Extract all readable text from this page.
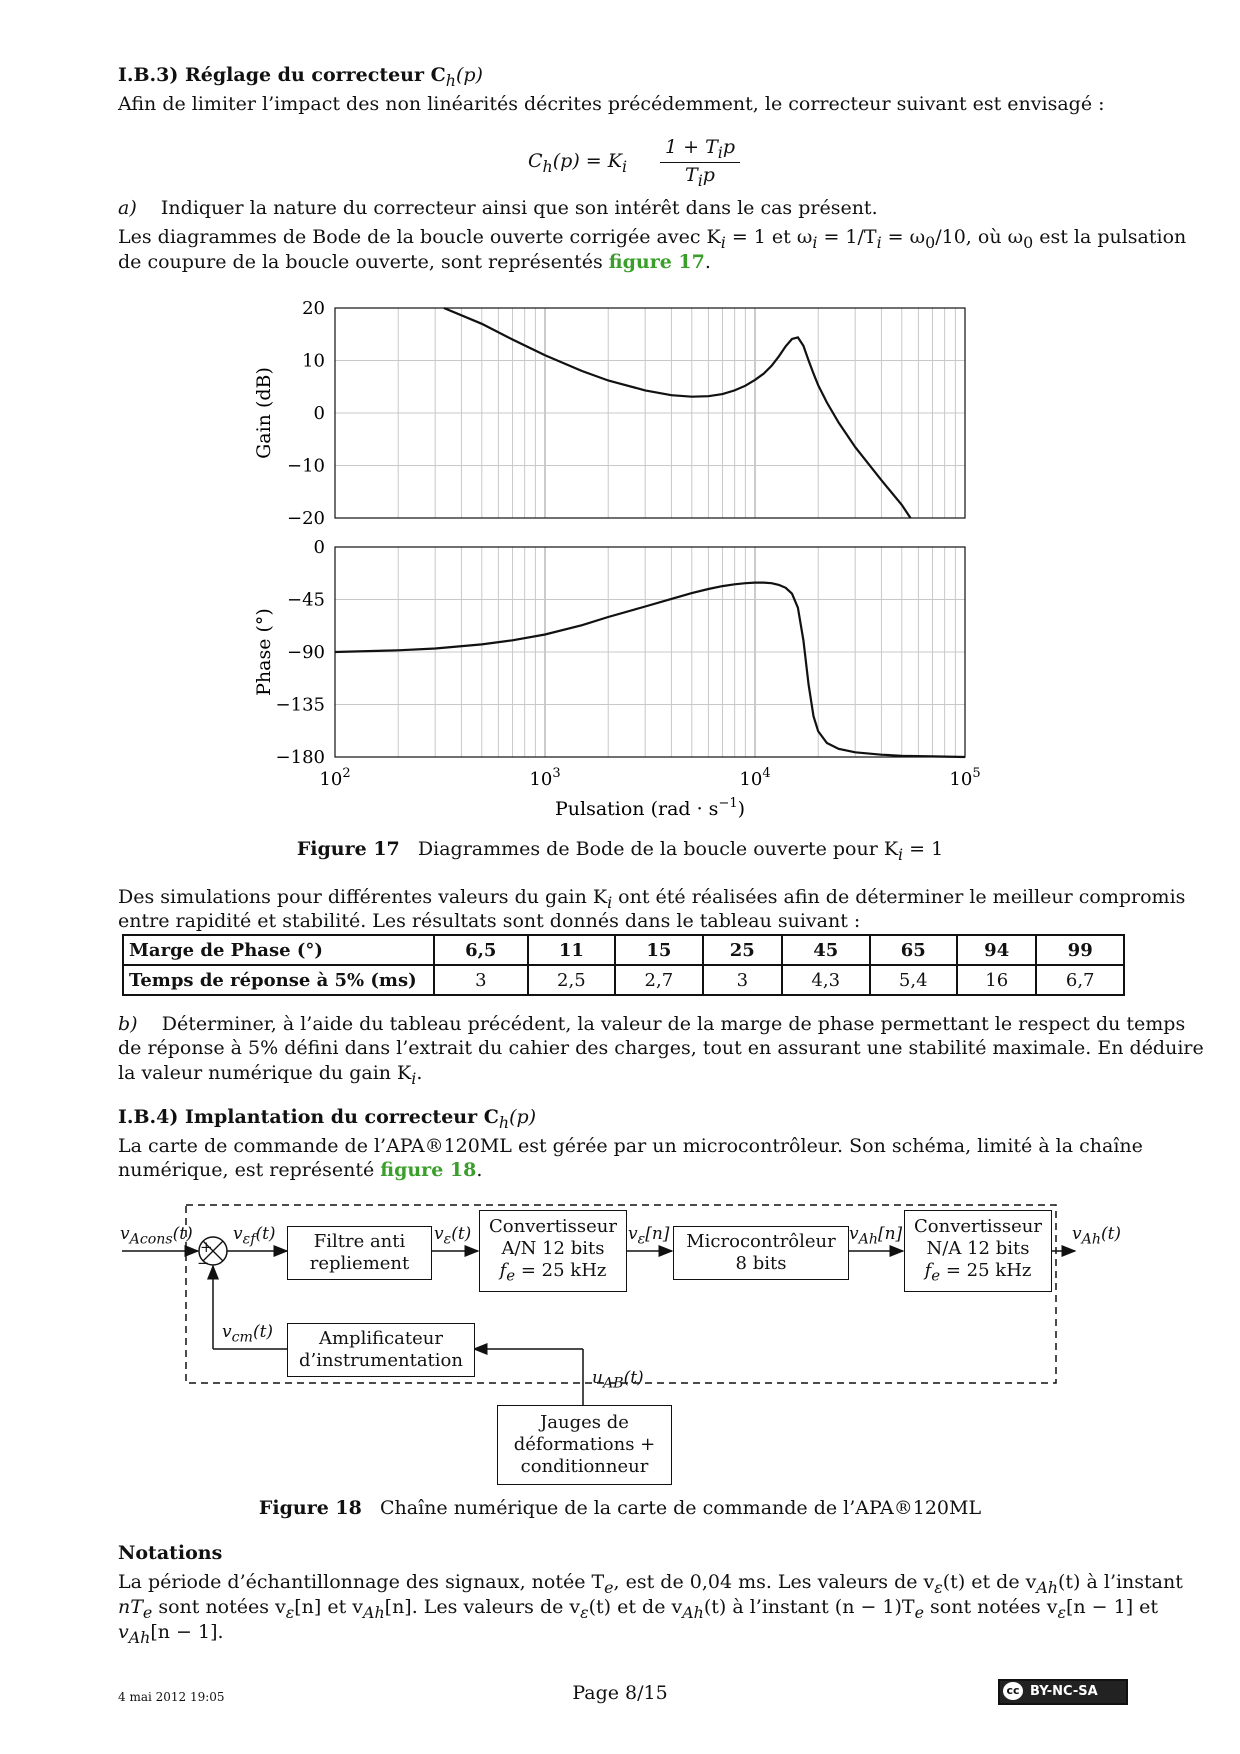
I.B.3) Réglage du correcteur $C_h(p)$
Afin de limiter l’impact des non linéarités décrites précédemment, le correcteur suivant est envisagé :
$C_h(p) = K_i$
$1 + T_ip$
$T_ip$
a) Indiquer la nature du correcteur ainsi que son intérêt dans le cas présent.
Les diagrammes de Bode de la boucle ouverte corrigée avec $K_i = 1$ et $\omega_i = 1/T_i = \omega_0/10$, où $\omega_0$ est la pulsation
de coupure de la boucle ouverte, sont représentés figure 17.
20
10
0
−10
−20
0
−45
−90
−135
−180
$10^2$	$10^3$	$10^4$	$10^5$
Gain (dB)
Phase (°)
Pulsation $(rad \cdot s^{-1})$
Figure 17 Diagrammes de Bode de la boucle ouverte pour $K_i = 1$
Des simulations pour différentes valeurs du gain $K_i$ ont été réalisées afin de déterminer le meilleur compromis
entre rapidité et stabilité. Les résultats sont donnés dans le tableau suivant :
Marge de Phase (°)	6,5	11	15	25	45	65	94	99
Temps de réponse à 5% (ms)	3	2,5	2,7	3	4,3	5,4	16	6,7
b) Déterminer, à l’aide du tableau précédent, la valeur de la marge de phase permettant le respect du temps
de réponse à 5% défini dans l’extrait du cahier des charges, tout en assurant une stabilité maximale. En déduire
la valeur numérique du gain $K_i$.
I.B.4) Implantation du correcteur $C_h(p)$
La carte de commande de l’APA®120ML est gérée par un microcontrôleur. Son schéma, limité à la chaîne
numérique, est représenté figure 18.
Filtre anti
repliement
Convertisseur
A/N 12 bits
$f_e = 25$ kHz
Microcontrôleur
8 bits
Convertisseur
N/A 12 bits
$f_e = 25$ kHz
Amplificateur
d’instrumentation
Jauges de
déformations +
conditionneur
$v_{Acons}(t)$ $v_{\varepsilon f}(t)$	$v_\varepsilon(t)$	$v_\varepsilon[n]$	$v_{Ah}[n]$	$v_{Ah}(t)$
$v_{cm}(t)$
$u_{AB}(t)$
+
−
Figure 18 Chaîne numérique de la carte de commande de l’APA®120ML
Notations
La période d’échantillonnage des signaux, notée $T_e$, est de 0,04 ms. Les valeurs de $v_\varepsilon(t)$ et de $v_{Ah}(t)$ à l’instant
$nT_e$ sont notées $v_\varepsilon[n]$ et $v_{Ah}[n]$. Les valeurs de $v_\varepsilon(t)$ et de $v_{Ah}(t)$ à l’instant $(n - 1)T_e$ sont notées $v_\varepsilon[n - 1]$ et
$v_{Ah}[n - 1]$.
4 mai 2012 19:05	Page 8/15	cc BY-NC-SA
